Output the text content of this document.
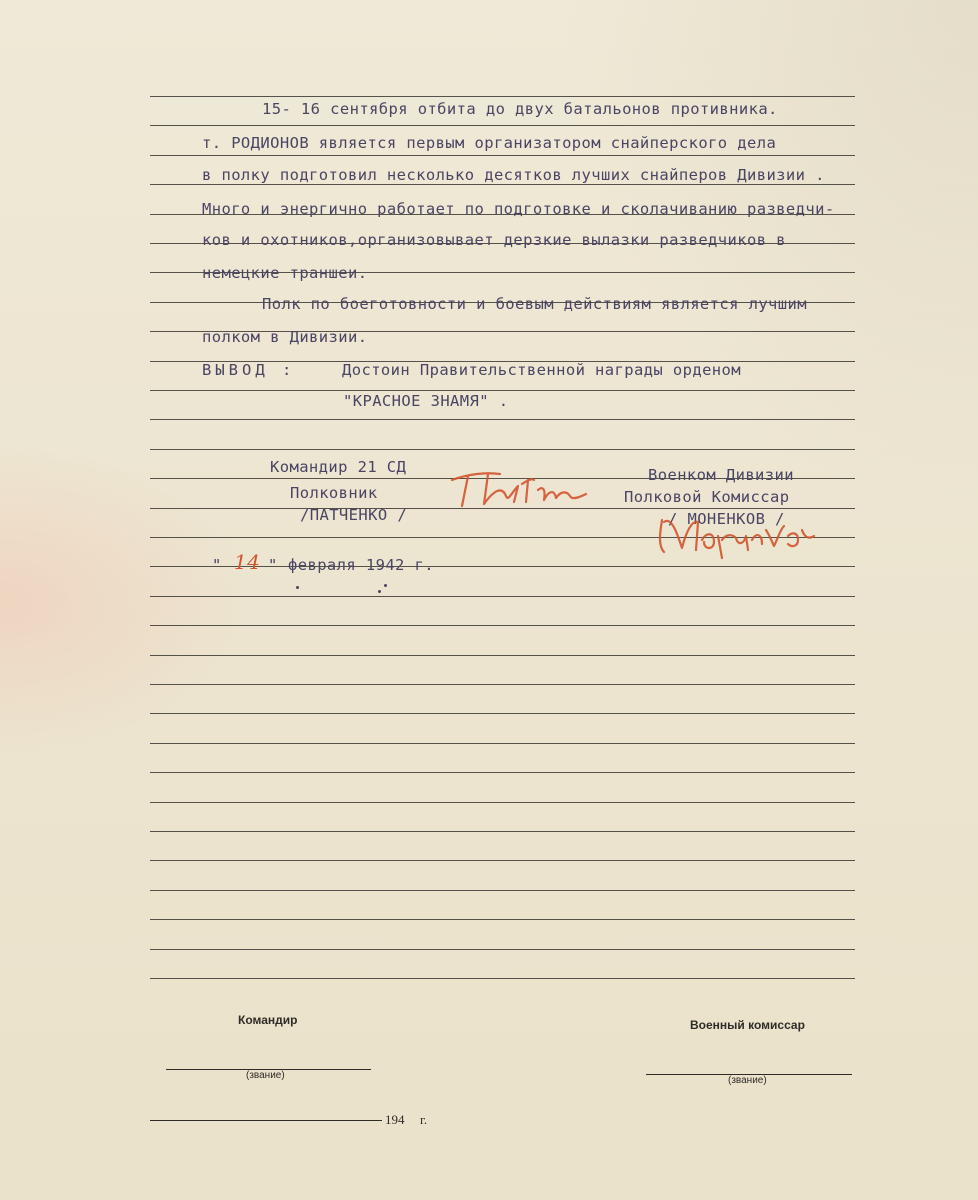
15- 16 сентября отбита до двух батальонов противника.
т. РОДИОНОВ является первым организатором снайперского дела
в полку подготовил несколько десятков лучших снайперов Дивизии .
Много и энергично работает по подготовке и сколачиванию разведчи-
ков и охотников,организовывает дерзкие вылазки разведчиков в
немецкие траншеи.
Полк по боеготовности и боевым действиям является лучшим
полком в Дивизии.
ВЫВОД :	Достоин Правительственной награды орденом
"КРАСНОЕ ЗНАМЯ" .
Командир 21 СД
Полковник
/ПАТЧЕНКО /
Военком Дивизии
Полковой Комиссар
/ МОНЕНКОВ /
" 14 " февраля 1942 г.
Командир
(звание)
Военный комиссар
(звание)
194 г.
